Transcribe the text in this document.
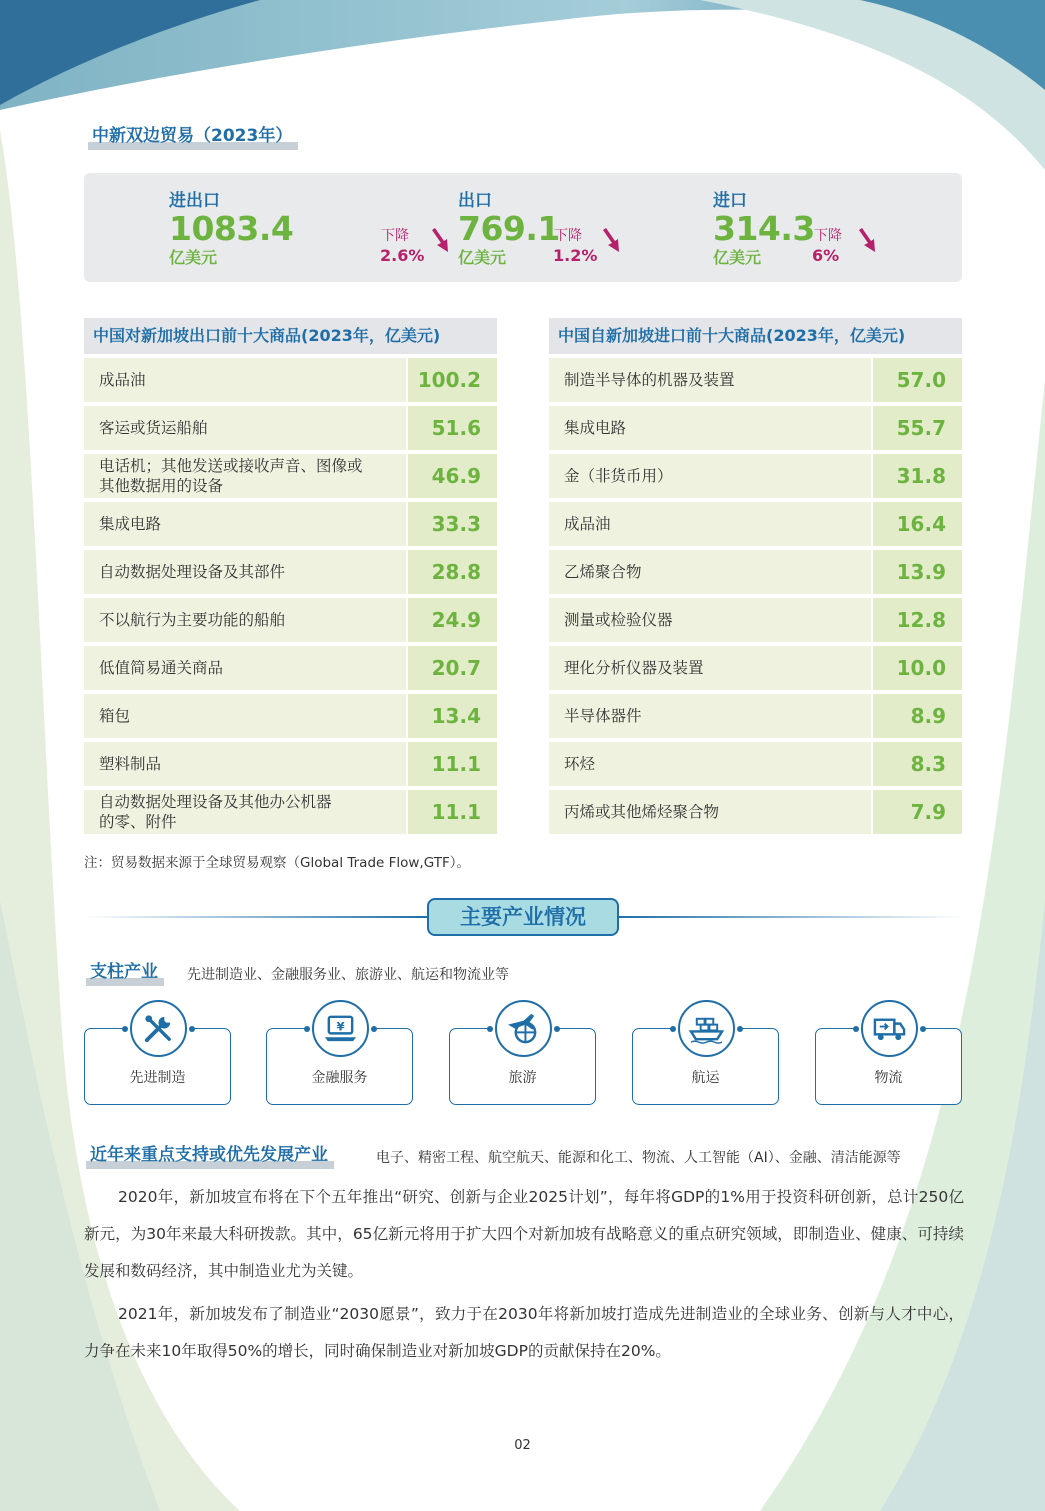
中新双边贸易（2023年）
进出口
1083.4
亿美元
下降
2.6%
出口
769.1
亿美元
下降
1.2%
进口
314.3
亿美元
下降
6%
中国对新加坡出口前十大商品(2023年，亿美元)
成品油	100.2
客运或货运船舶	51.6
电话机；其他发送或接收声音、图像或其他数据用的设备	46.9
集成电路	33.3
自动数据处理设备及其部件	28.8
不以航行为主要功能的船舶	24.9
低值简易通关商品	20.7
箱包	13.4
塑料制品	11.1
自动数据处理设备及其他办公机器的零、附件	11.1
中国自新加坡进口前十大商品(2023年，亿美元)
制造半导体的机器及装置	57.0
集成电路	55.7
金（非货币用）	31.8
成品油	16.4
乙烯聚合物	13.9
测量或检验仪器	12.8
理化分析仪器及装置	10.0
半导体器件	8.9
环烃	8.3
丙烯或其他烯烃聚合物	7.9
注：贸易数据来源于全球贸易观察（Global Trade Flow,GTF）。
主要产业情况
支柱产业	先进制造业、金融服务业、旅游业、航运和物流业等
先进制造
¥
金融服务	旅游	航运	物流
近年来重点支持或优先发展产业	电子、精密工程、航空航天、能源和化工、物流、人工智能（AI）、金融、清洁能源等

2020年，新加坡宣布将在下个五年推出“研究、创新与企业2025计划”，每年将GDP的1%用于投资科研创新，总计250亿新元，为30年来最大科研拨款。其中，65亿新元将用于扩大四个对新加坡有战略意义的重点研究领域，即制造业、健康、可持续发展和数码经济，其中制造业尤为关键。

2021年，新加坡发布了制造业“2030愿景”，致力于在2030年将新加坡打造成先进制造业的全球业务、创新与人才中心，力争在未来10年取得50%的增长，同时确保制造业对新加坡GDP的贡献保持在20%。

02
